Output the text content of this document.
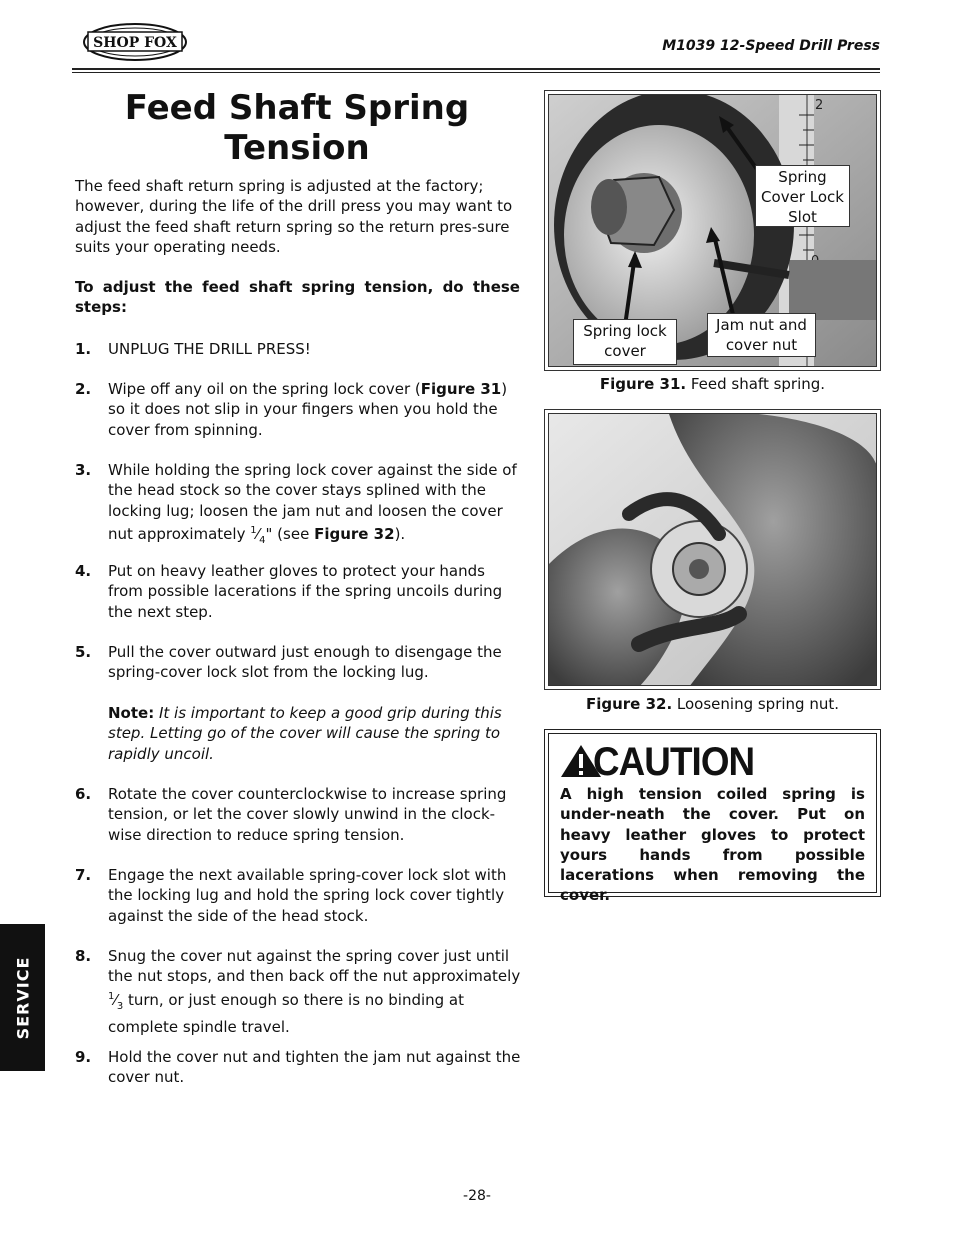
SHOP FOX	M1039 12-Speed Drill Press
Feed Shaft Spring
Tension
The feed shaft return spring is adjusted at the factory; however, during the life of the drill press you may want to adjust the feed shaft return spring so the return pres-sure suits your operating needs.
To adjust the feed shaft spring tension, do these steps:
1.	UNPLUG THE DRILL PRESS!
2.	Wipe off any oil on the spring lock cover (Figure 31) so it does not slip in your fingers when you hold the cover from spinning.
3.	While holding the spring lock cover against the side of the head stock so the cover stays splined with the locking lug; loosen the jam nut and loosen the cover nut approximately $^1⁄_4$" (see Figure 32).
4.	Put on heavy leather gloves to protect your hands from possible lacerations if the spring uncoils during the next step.
5.	Pull the cover outward just enough to disengage the spring-cover lock slot from the locking lug.
Note: It is important to keep a good grip during this step. Letting go of the cover will cause the spring to rapidly uncoil.
6.	Rotate the cover counterclockwise to increase spring tension, or let the cover slowly unwind in the clock-wise direction to reduce spring tension.
7.	Engage the next available spring-cover lock slot with the locking lug and hold the spring lock cover tightly against the side of the head stock.
8.	Snug the cover nut against the spring cover just until the nut stops, and then back off the nut approximately $^1⁄_3$ turn, or just enough so there is no binding at complete spindle travel.
9.	Hold the cover nut and tighten the jam nut against the cover nut.
2
Spring Cover Lock Slot
Spring lock cover
Jam nut and cover nut
Figure 31. Feed shaft spring.
Figure 32. Loosening spring nut.
CAUTION
A high tension coiled spring is under-neath the cover. Put on heavy leather gloves to protect yours hands from possible lacerations when removing the cover.
SERVICE
-28-
